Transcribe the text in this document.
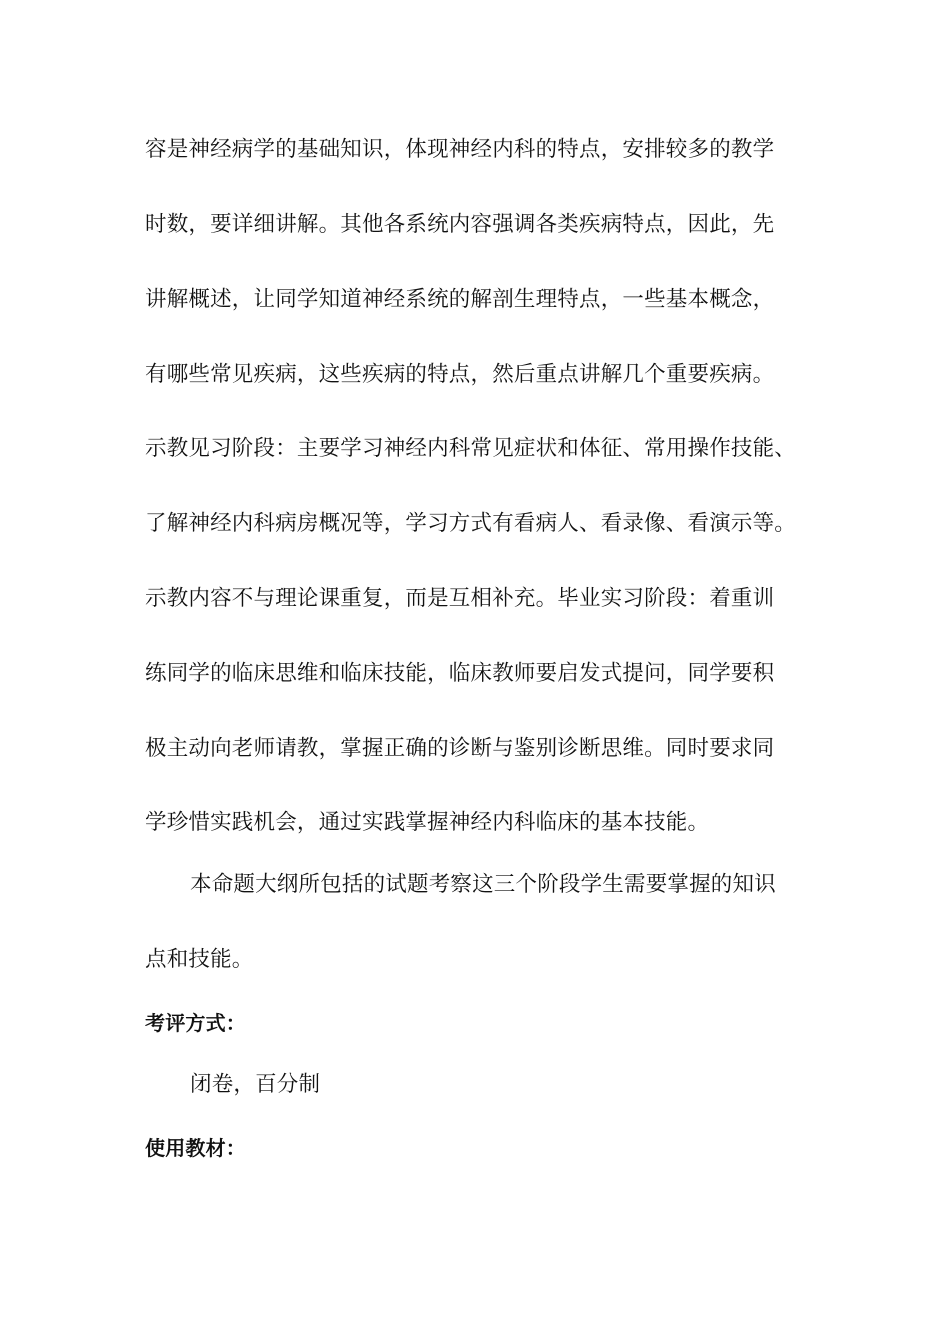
容是神经病学的基础知识，体现神经内科的特点，安排较多的教学
时数，要详细讲解。其他各系统内容强调各类疾病特点，因此，先
讲解概述，让同学知道神经系统的解剖生理特点，一些基本概念，
有哪些常见疾病，这些疾病的特点，然后重点讲解几个重要疾病。
示教见习阶段：主要学习神经内科常见症状和体征、常用操作技能、
了解神经内科病房概况等，学习方式有看病人、看录像、看演示等。
示教内容不与理论课重复，而是互相补充。毕业实习阶段：着重训
练同学的临床思维和临床技能，临床教师要启发式提问，同学要积
极主动向老师请教，掌握正确的诊断与鉴别诊断思维。同时要求同
学珍惜实践机会，通过实践掌握神经内科临床的基本技能。
本命题大纲所包括的试题考察这三个阶段学生需要掌握的知识
点和技能。
考评方式：
闭卷，百分制
使用教材：
